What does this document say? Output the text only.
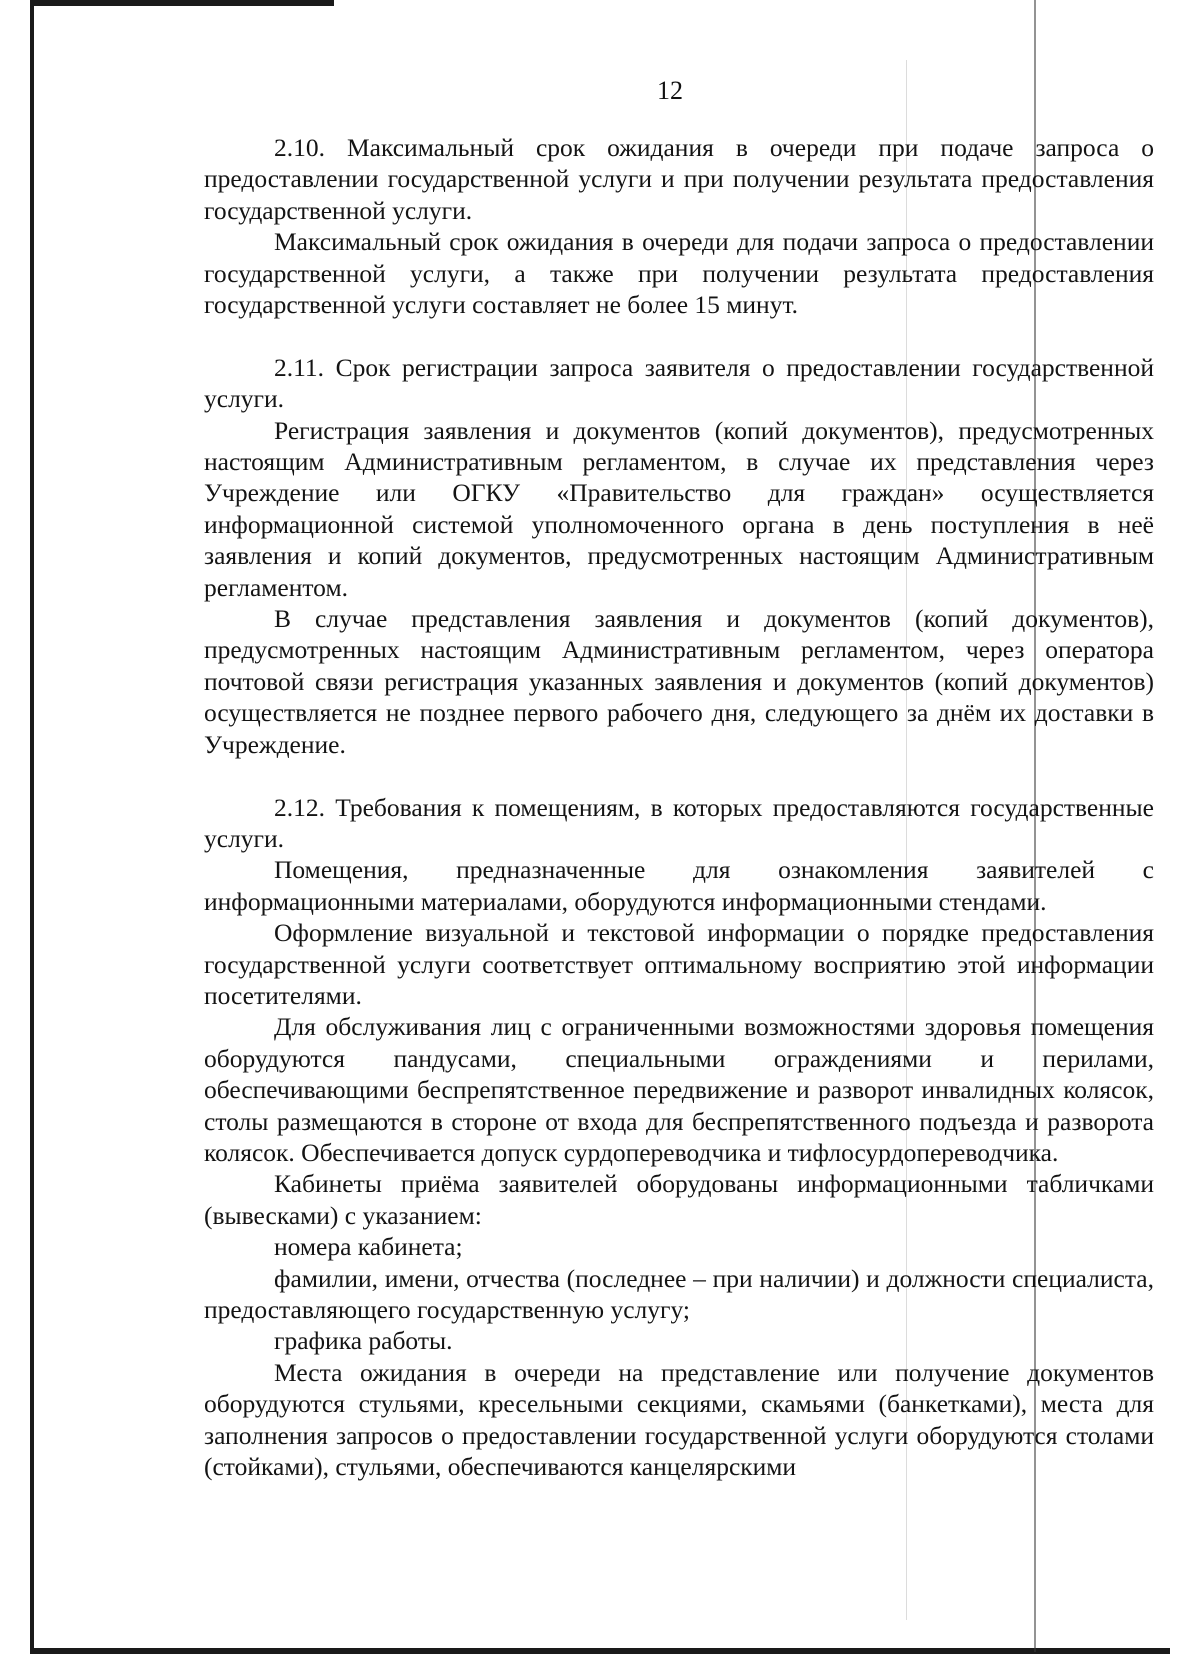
12

2.10. Максимальный срок ожидания в очереди при подаче запроса о предоставлении государственной услуги и при получении результата предоставления государственной услуги.

Максимальный срок ожидания в очереди для подачи запроса о предоставлении государственной услуги, а также при получении результата предоставления государственной услуги составляет не более 15 минут.

2.11. Срок регистрации запроса заявителя о предоставлении государственной услуги.

Регистрация заявления и документов (копий документов), предусмотренных настоящим Административным регламентом, в случае их представления через Учреждение или ОГКУ «Правительство для граждан» осуществляется информационной системой уполномоченного органа в день поступления в неё заявления и копий документов, предусмотренных настоящим Административным регламентом.

В случае представления заявления и документов (копий документов), предусмотренных настоящим Административным регламентом, через оператора почтовой связи регистрация указанных заявления и документов (копий документов) осуществляется не позднее первого рабочего дня, следующего за днём их доставки в Учреждение.

2.12. Требования к помещениям, в которых предоставляются государственные услуги.

Помещения, предназначенные для ознакомления заявителей с информационными материалами, оборудуются информационными стендами.

Оформление визуальной и текстовой информации о порядке предоставления государственной услуги соответствует оптимальному восприятию этой информации посетителями.

Для обслуживания лиц с ограниченными возможностями здоровья помещения оборудуются пандусами, специальными ограждениями и перилами, обеспечивающими беспрепятственное передвижение и разворот инвалидных колясок, столы размещаются в стороне от входа для беспрепятственного подъезда и разворота колясок. Обеспечивается допуск сурдопереводчика и тифлосурдопереводчика.

Кабинеты приёма заявителей оборудованы информационными табличками (вывесками) с указанием:

номера кабинета;

фамилии, имени, отчества (последнее – при наличии) и должности специалиста, предоставляющего государственную услугу;

графика работы.

Места ожидания в очереди на представление или получение документов оборудуются стульями, кресельными секциями, скамьями (банкетками), места для заполнения запросов о предоставлении государственной услуги оборудуются столами (стойками), стульями, обеспечиваются канцелярскими
